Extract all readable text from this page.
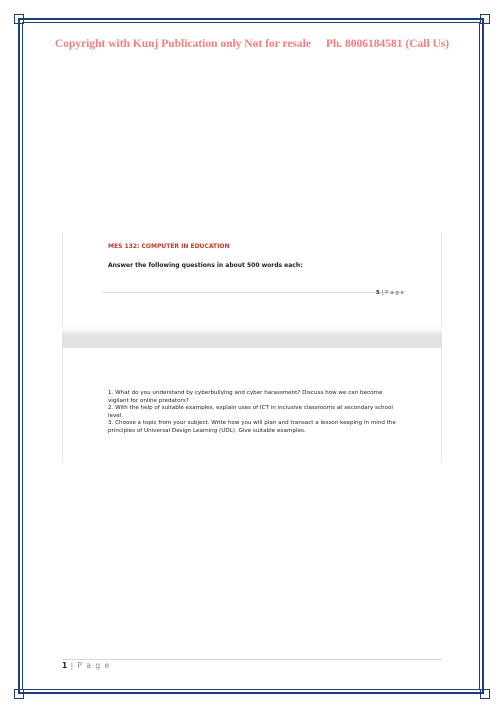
Copyright with Kunj Publication only Not for resale Ph. 8006184581 (Call Us)
MES 132: COMPUTER IN EDUCATION
Answer the following questions in about 500 words each:
5 | P a g e

1. What do you understand by cyberbullying and cyber harassment? Discuss how we can become vigilant for online predators?

2. With the help of suitable examples, explain uses of ICT in inclusive classrooms at secondary school level.

3. Choose a topic from your subject. Write how you will plan and transact a lesson keeping in mind the principles of Universal Design Learning (UDL). Give suitable examples.

1 | P a g e
